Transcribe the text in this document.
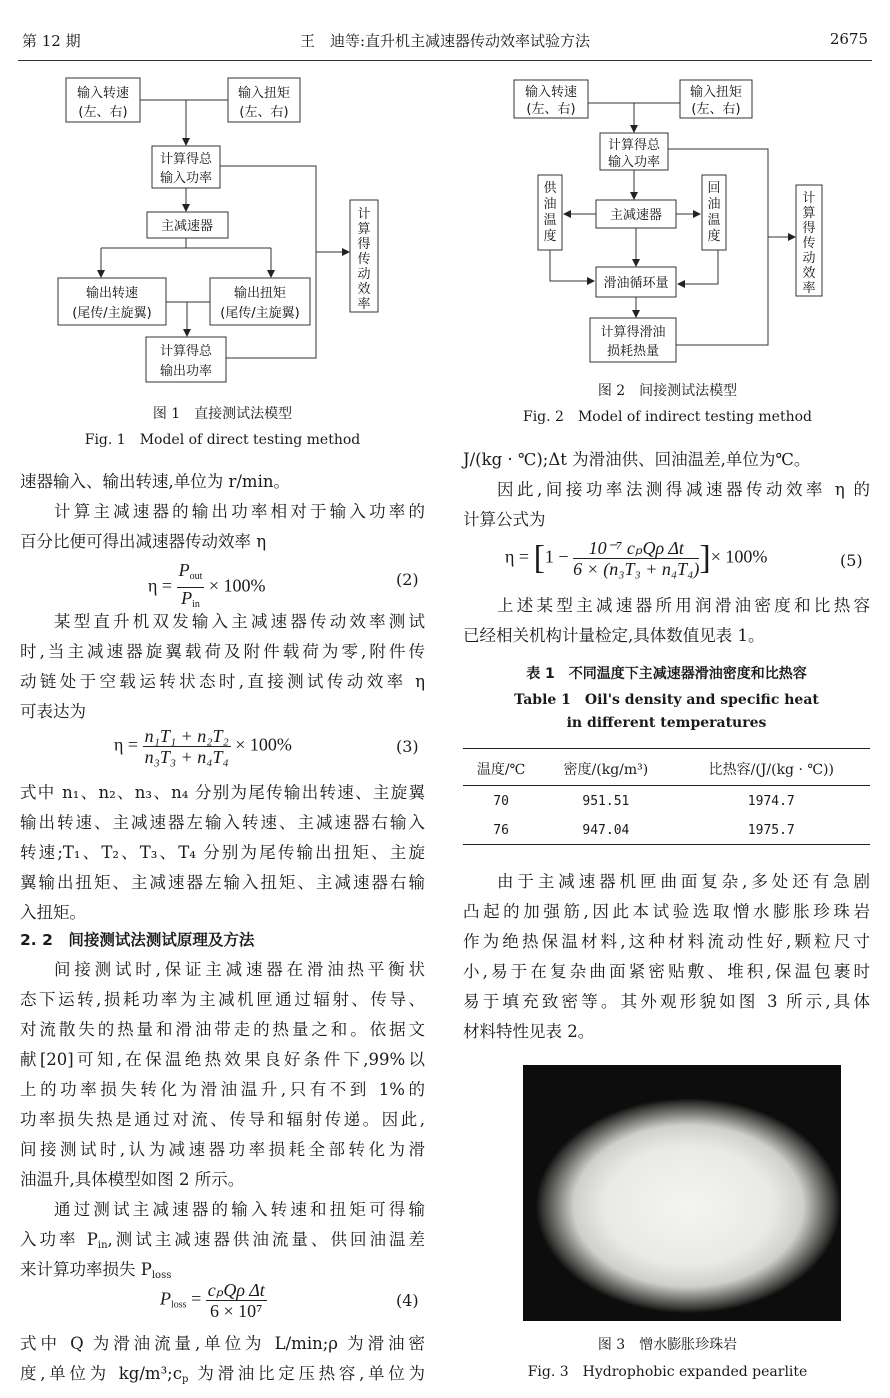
第 12 期	王　迪等:直升机主减速器传动效率试验方法	2675
输入转速
(左、右)
输入扭矩
(左、右)
计算得总
输入功率
主减速器
输出转速
(尾传/主旋翼)
输出扭矩
(尾传/主旋翼)
计算得总
输出功率
计
算
得
传
动
效
率
图 1　直接测试法模型
Fig. 1　Model of direct testing method
输入转速
(左、右)
输入扭矩
(左、右)
计算得总
输入功率
供
油
温
度
主减速器
回
油
温
度
滑油循环量
计算得滑油
损耗热量
计
算
得
传
动
效
率
图 2　间接测试法模型
Fig. 2　Model of indirect testing method
$\eta = \frac{P_{out}}{P_{in}} \times 100\%$	(2)
$\eta = \frac{\text{n₁T₁ + n₂T₂}}{\text{n₃T₃ + n₄T₄}} \times 100\%$	(3)
2. 2　间接测试法测试原理及方法
$P_{loss} = \frac{\text{cₚQρ Δt}}{\text{6 × 10⁷}}$	(4)
$\eta = [1 - \frac{\text{10⁻⁷ cₚQρ Δt}}{\text{6 × (n₃T₃ + n₄T₄)}}$ ]× 100%	(5)
表 1　不同温度下主减速器滑油密度和比热容
Table 1　Oil's density and specific heat
in different temperatures
温度/℃	密度/(kg/m³)	比热容/(J/(kg · ℃))
70	951.51	1974.7
76	947.04	1975.7
图 3　憎水膨胀珍珠岩
Fig. 3　Hydrophobic expanded pearlite
速器输入、输出转速,单位为 r/min。
计算主减速器的输出功率相对于输入功率的
百分比便可得出减速器传动效率 η
某型直升机双发输入主减速器传动效率测试
时,当主减速器旋翼载荷及附件载荷为零,附件传
动链处于空载运转状态时,直接测试传动效率 η
可表达为
式中 n₁、n₂、n₃、n₄ 分别为尾传输出转速、主旋翼
输出转速、主减速器左输入转速、主减速器右输入
转速;T₁、T₂、T₃、T₄ 分别为尾传输出扭矩、主旋
翼输出扭矩、主减速器左输入扭矩、主减速器右输
入扭矩。
间接测试时,保证主减速器在滑油热平衡状
态下运转,损耗功率为主减机匣通过辐射、传导、
对流散失的热量和滑油带走的热量之和。依据文
献[20]可知,在保温绝热效果良好条件下,99%以
上的功率损失转化为滑油温升,只有不到 1%的
功率损失热是通过对流、传导和辐射传递。因此,
间接测试时,认为减速器功率损耗全部转化为滑
油温升,具体模型如图 2 所示。
通过测试主减速器的输入转速和扭矩可得输
入功率 $P_{in}$,测试主减速器供油流量、供回油温差
来计算功率损失 $P_{loss}$
式中 Q 为滑油流量,单位为 L/min;ρ 为滑油密
度,单位为 $kg/m^3;c_p$ 为滑油比定压热容,单位为
J/(kg · ℃);Δt 为滑油供、回油温差,单位为℃。
因此,间接功率法测得减速器传动效率 η 的
计算公式为
上述某型主减速器所用润滑油密度和比热容
已经相关机构计量检定,具体数值见表 1。
由于主减速器机匣曲面复杂,多处还有急剧
凸起的加强筋,因此本试验选取憎水膨胀珍珠岩
作为绝热保温材料,这种材料流动性好,颗粒尺寸
小,易于在复杂曲面紧密贴敷、堆积,保温包裹时
易于填充致密等。其外观形貌如图 3 所示,具体
材料特性见表 2。
